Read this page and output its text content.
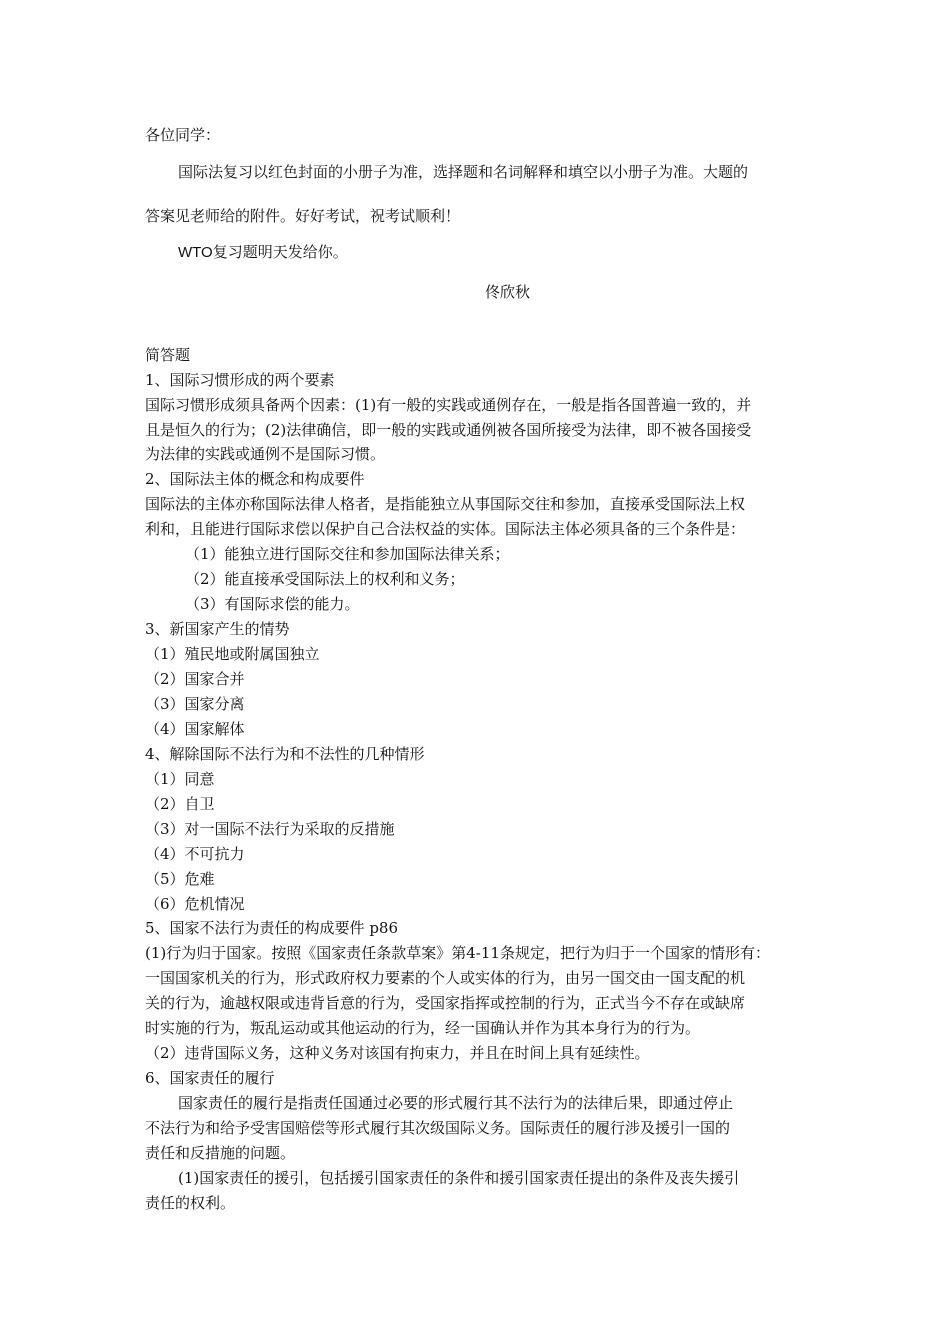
各位同学：
国际法复习以红色封面的小册子为准，选择题和名词解释和填空以小册子为准。大题的
答案见老师给的附件。好好考试，祝考试顺利！
WTO复习题明天发给你。
佟欣秋
简答题
1、国际习惯形成的两个要素
国际习惯形成须具备两个因素：(1)有一般的实践或通例存在，一般是指各国普遍一致的，并
且是恒久的行为；(2)法律确信，即一般的实践或通例被各国所接受为法律，即不被各国接受
为法律的实践或通例不是国际习惯。
2、国际法主体的概念和构成要件
国际法的主体亦称国际法律人格者，是指能独立从事国际交往和参加，直接承受国际法上权
利和，且能进行国际求偿以保护自己合法权益的实体。国际法主体必须具备的三个条件是：
（1）能独立进行国际交往和参加国际法律关系；
（2）能直接承受国际法上的权利和义务；
（3）有国际求偿的能力。
3、新国家产生的情势
（1）殖民地或附属国独立
（2）国家合并
（3）国家分离
（4）国家解体
4、解除国际不法行为和不法性的几种情形
（1）同意
（2）自卫
（3）对一国际不法行为采取的反措施
（4）不可抗力
（5）危难
（6）危机情况
5、国家不法行为责任的构成要件 p86
(1)行为归于国家。按照《国家责任条款草案》第4-11条规定，把行为归于一个国家的情形有：
一国国家机关的行为，形式政府权力要素的个人或实体的行为，由另一国交由一国支配的机
关的行为，逾越权限或违背旨意的行为，受国家指挥或控制的行为，正式当今不存在或缺席
时实施的行为，叛乱运动或其他运动的行为，经一国确认并作为其本身行为的行为。
（2）违背国际义务，这种义务对该国有拘束力，并且在时间上具有延续性。
6、国家责任的履行
国家责任的履行是指责任国通过必要的形式履行其不法行为的法律后果，即通过停止
不法行为和给予受害国赔偿等形式履行其次级国际义务。国际责任的履行涉及援引一国的
责任和反措施的问题。
(1)国家责任的援引，包括援引国家责任的条件和援引国家责任提出的条件及丧失援引
责任的权利。
